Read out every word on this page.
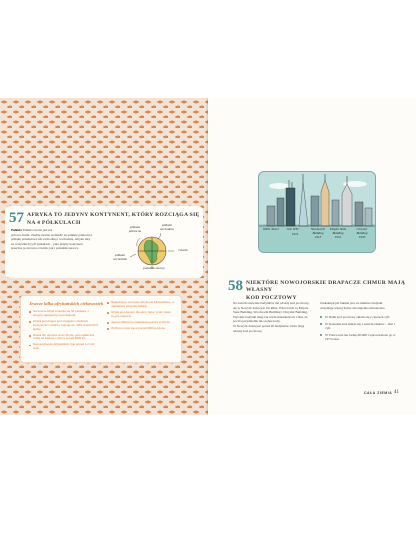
57 AFRYKA TO JEDYNY KONTYNENT, KTÓRY ROZCIĄGA SIĘ
NA 4 PÓŁKULACH
Półkula Półkula zwana jest też
połową Ziemi. Ziemię można podzielić na półkulę północną i
półkulę południową lub zachodnią i wschodnią. Afryka leży
na wszystkich tych półkulach – jako jedyny kontynent
przecina ją zarówno równik, jak i południk zerowy.
półkula północna
półkula zachodnia
równik
półkula wschodnia
południk zerowy
Jeszcze kilka afrykańskich ciekawostek
Na terenie Afryki znajdują się 54 państwa, z których największym jest Algieria.
Afryka jest drugim pod względem wielkości kontynentem świata i zajmuje ok. 20% powierzchni lądów.
Rzeka Nil, płynąca przez Afrykę, jest najdłuższą rzeką na świecie i mierzy ponad 6600 km.
Na kontynencie afrykańskim żyje ponad 1,2 mld ludzi.
Najwyższym szczytem Afryki jest Kilimandżaro, a największą pustynią Sahara.
Afryka jest domem dla słoni, lwów, żyraf i wielu innych zwierząt.
Jezioro Wiktorii to największe jezioro w Afryce.
W Afryce mówi się w ponad 2000 języków.
Willis Tower	One WTC
1974
Woolworth Building
1913
Empire State Building
1931
Chrysler Building
1930
58 NIEKTÓRE NOWOJORSKIE DRAPACZE CHMUR MAJĄ WŁASNY
KOD POCZTOWY
Na świecie niewiele budynków ma własny kod pocztowy,
ale w Nowym Jorku jest ich kilka. Wśród nich są Empire
State Building, Woolworth Building i Chrysler Building.
Wysokie budynki mają tak wielu mieszkańców i biur, że
poczta przydzieliła im osobne kody.
W Nowym Jorku jest ponad 40 budynków, które mają
własny kod pocztowy.
Zaskakującym faktem jest, że niektóre budynki
otrzymują więcej listów niż niejedno miasteczko.
W Danii kod pocztowy składa się z czterech cyfr.
W Kanadzie kod składa się z sześciu znaków – liter i cyfr.
W Polsce kod ma formę 00-000 i wprowadzono go w 1973 roku.
CAŁA ZIEMIA 41
